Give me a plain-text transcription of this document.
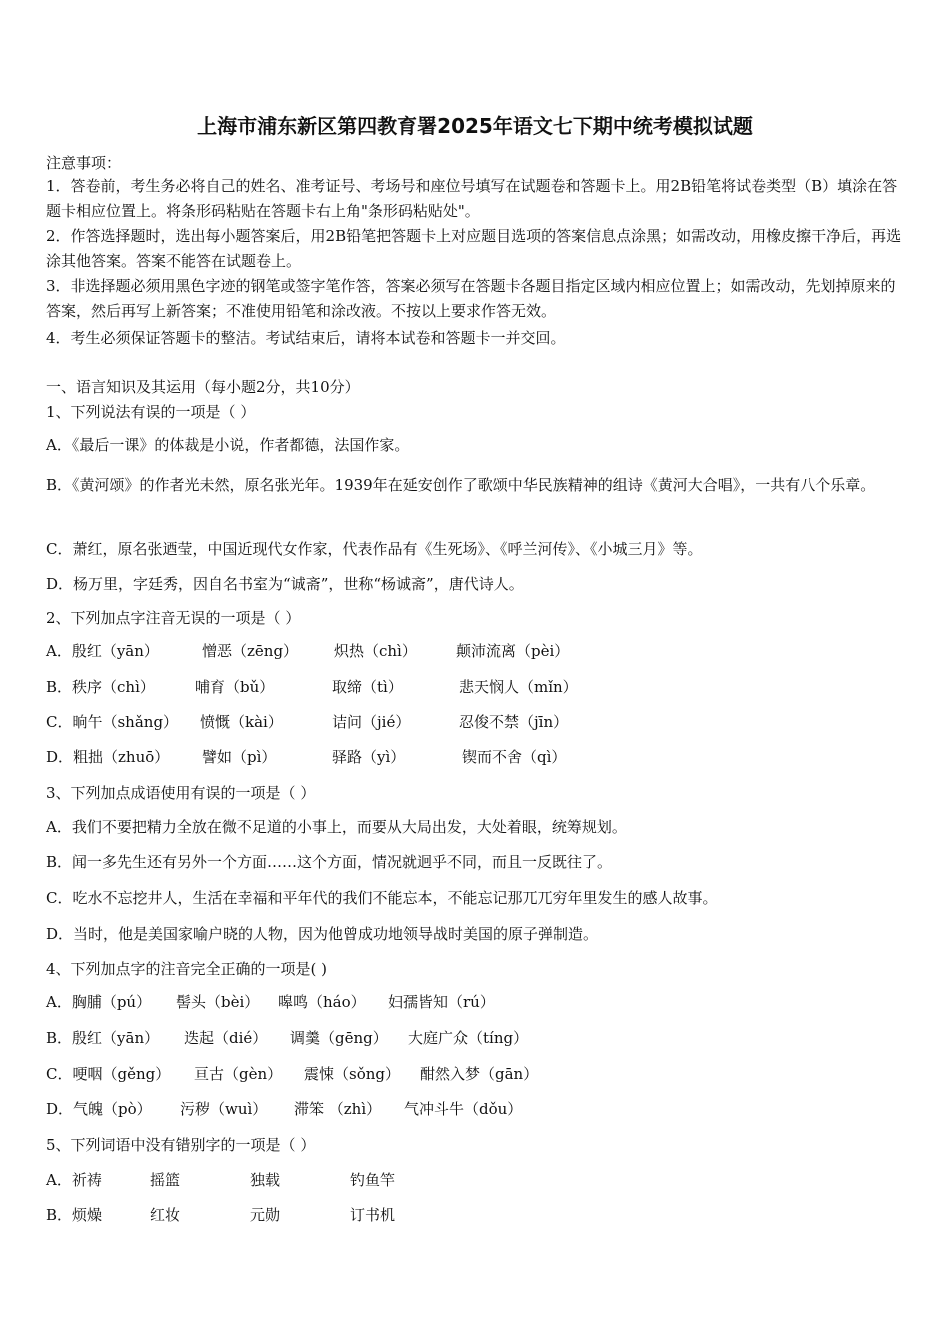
上海市浦东新区第四教育署2025年语文七下期中统考模拟试题
注意事项：
1．答卷前，考生务必将自己的姓名、准考证号、考场号和座位号填写在试题卷和答题卡上。用2B铅笔将试卷类型（B）填涂在答题卡相应位置上。将条形码粘贴在答题卡右上角"条形码粘贴处"。
2．作答选择题时，选出每小题答案后，用2B铅笔把答题卡上对应题目选项的答案信息点涂黑；如需改动，用橡皮擦干净后，再选涂其他答案。答案不能答在试题卷上。
3．非选择题必须用黑色字迹的钢笔或签字笔作答，答案必须写在答题卡各题目指定区域内相应位置上；如需改动，先划掉原来的答案，然后再写上新答案；不准使用铅笔和涂改液。不按以上要求作答无效。
4．考生必须保证答题卡的整洁。考试结束后，请将本试卷和答题卡一并交回。
一、语言知识及其运用（每小题2分，共10分）
1、下列说法有误的一项是（ ）
A．《最后一课》的体裁是小说，作者都德，法国作家。
B．《黄河颂》的作者光未然，原名张光年。1939年在延安创作了歌颂中华民族精神的组诗《黄河大合唱》，一共有八个乐章。
C．萧红，原名张迺莹，中国近现代女作家，代表作品有《生死场》、《呼兰河传》、《小城三月》等。
D．杨万里，字廷秀，因自名书室为“诚斋”，世称“杨诚斋”，唐代诗人。
2、下列加点字注音无误的一项是（ ）
A．殷红（yān）	憎恶（zēng） 炽热（chì）	颠沛流离（pèi）
B．秩序（chì）	哺育（bǔ）	取缔（tì）	悲天悯人（mǐn）
C．晌午（shǎng） 愤慨（kài）	诘问（jié）	忍俊不禁（jīn）
D．粗拙（zhuō） 譬如（pì）	驿路（yì）	锲而不舍（qì）
3、下列加点成语使用有误的一项是（ ）
A．我们不要把精力全放在微不足道的小事上，而要从大局出发，大处着眼，统筹规划。
B．闻一多先生还有另外一个方面……这个方面，情况就迥乎不同，而且一反既往了。
C．吃水不忘挖井人，生活在幸福和平年代的我们不能忘本，不能忘记那兀兀穷年里发生的感人故事。
D．当时，他是美国家喻户晓的人物，因为他曾成功地领导战时美国的原子弹制造。
4、下列加点字的注音完全正确的一项是( )
A．胸脯（pú） 髻头（bèi） 嗥鸣（háo） 妇孺皆知（rú）
B．殷红（yān） 迭起（dié） 调羹（gēng） 大庭广众（tíng）
C．哽咽（gěng） 亘古（gèn） 震悚（sǒng） 酣然入梦（gān）
D．气魄（pò） 污秽（wuì） 滞笨 （zhì） 气冲斗牛（dǒu）
5、下列词语中没有错别字的一项是（ ）
A．祈祷	摇篮	独载	钓鱼竿
B．烦燥	红妆	元勋	订书机
